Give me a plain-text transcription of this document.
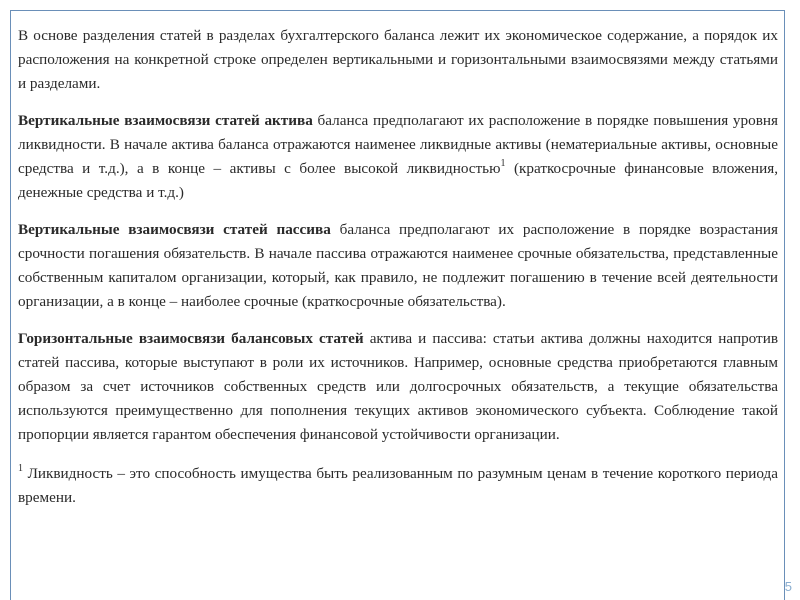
В основе разделения статей в разделах бухгалтерского баланса лежит их экономическое содержание, а порядок их расположения на конкретной строке определен вертикальными и горизонтальными взаимосвязями между статьями и разделами.

Вертикальные взаимосвязи статей актива баланса предполагают их расположение в порядке повышения уровня ликвидности. В начале актива баланса отражаются наименее ликвидные активы (нематериальные активы, основные средства и т.д.), а в конце – активы с более высокой ликвидностью$^1$ (краткосрочные финансовые вложения, денежные средства и т.д.)

Вертикальные взаимосвязи статей пассива баланса предполагают их расположение в порядке возрастания срочности погашения обязательств. В начале пассива отражаются наименее срочные обязательства, представленные собственным капиталом организации, который, как правило, не подлежит погашению в течение всей деятельности организации, а в конце – наиболее срочные (краткосрочные обязательства).

Горизонтальные взаимосвязи балансовых статей актива и пассива: статьи актива должны находится напротив статей пассива, которые выступают в роли их источников. Например, основные средства приобретаются главным образом за счет источников собственных средств или долгосрочных обязательств, а текущие обязательства используются преимущественно для пополнения текущих активов экономического субъекта. Соблюдение такой пропорции является гарантом обеспечения финансовой устойчивости организации.

$^1$ Ликвидность – это способность имущества быть реализованным по разумным ценам в течение короткого периода времени.

5
